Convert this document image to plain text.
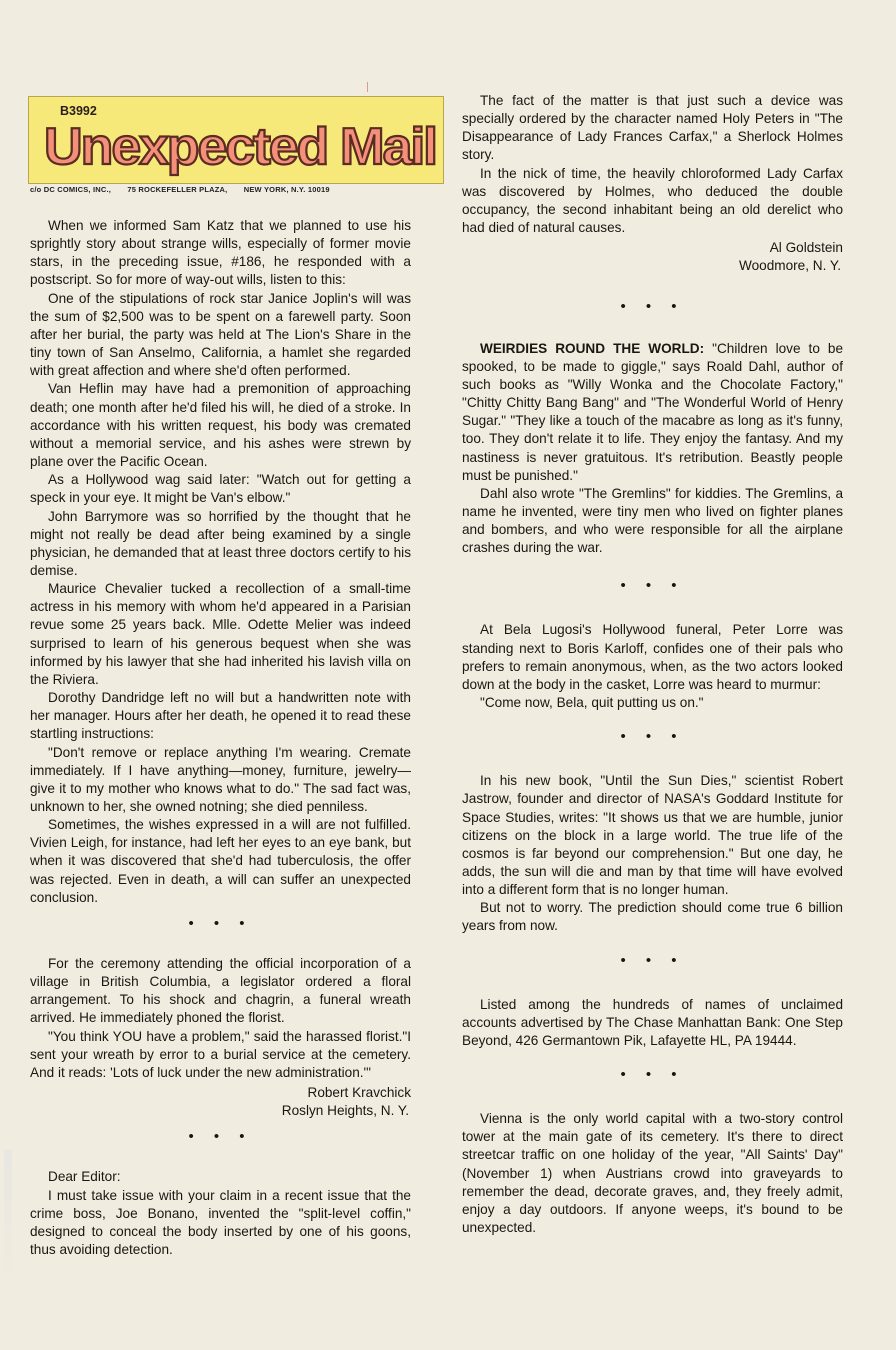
Unexpected Mail
B3992
c/o DC COMICS, INC., 75 ROCKEFELLER PLAZA, NEW YORK, N.Y. 10019

When we informed Sam Katz that we planned to use his sprightly story about strange wills, especially of former movie stars, in the preceding issue, #186, he responded with a postscript. So for more of way-out wills, listen to this:

One of the stipulations of rock star Janice Joplin's will was the sum of $2,500 was to be spent on a farewell party. Soon after her burial, the party was held at The Lion's Share in the tiny town of San Anselmo, California, a hamlet she regarded with great affection and where she'd often performed.

Van Heflin may have had a premonition of approaching death; one month after he'd filed his will, he died of a stroke. In accordance with his written request, his body was cremated without a memorial service, and his ashes were strewn by plane over the Pacific Ocean.

As a Hollywood wag said later: "Watch out for getting a speck in your eye. It might be Van's elbow."

John Barrymore was so horrified by the thought that he might not really be dead after being examined by a single physician, he demanded that at least three doctors certify to his demise.

Maurice Chevalier tucked a recollection of a small-time actress in his memory with whom he'd appeared in a Parisian revue some 25 years back. Mlle. Odette Melier was indeed surprised to learn of his generous bequest when she was informed by his lawyer that she had inherited his lavish villa on the Riviera.

Dorothy Dandridge left no will but a handwritten note with her manager. Hours after her death, he opened it to read these startling instructions:

"Don't remove or replace anything I'm wearing. Cremate immediately. If I have anything—money, furniture, jewelry—give it to my mother who knows what to do." The sad fact was, unknown to her, she owned notning; she died penniless.

Sometimes, the wishes expressed in a will are not fulfilled. Vivien Leigh, for instance, had left her eyes to an eye bank, but when it was discovered that she'd had tuberculosis, the offer was rejected. Even in death, a will can suffer an unexpected conclusion.

• • •

For the ceremony attending the official incorporation of a village in British Columbia, a legislator ordered a floral arrangement. To his shock and chagrin, a funeral wreath arrived. He immediately phoned the florist.

"You think YOU have a problem," said the harassed florist."I sent your wreath by error to a burial service at the cemetery. And it reads: 'Lots of luck under the new administration.'"

Robert Kravchick
Roslyn Heights, N. Y.
• • •

Dear Editor:

I must take issue with your claim in a recent issue that the crime boss, Joe Bonano, invented the "split-level coffin," designed to conceal the body inserted by one of his goons, thus avoiding detection.

The fact of the matter is that just such a device was specially ordered by the character named Holy Peters in "The Disappearance of Lady Frances Carfax," a Sherlock Holmes story.

In the nick of time, the heavily chloroformed Lady Carfax was discovered by Holmes, who deduced the double occupancy, the second inhabitant being an old derelict who had died of natural causes.

Al Goldstein
Woodmore, N. Y.
• • •

WEIRDIES ROUND THE WORLD: "Children love to be spooked, to be made to giggle," says Roald Dahl, author of such books as "Willy Wonka and the Chocolate Factory," "Chitty Chitty Bang Bang" and "The Wonderful World of Henry Sugar." "They like a touch of the macabre as long as it's funny, too. They don't relate it to life. They enjoy the fantasy. And my nastiness is never gratuitous. It's retribution. Beastly people must be punished."

Dahl also wrote "The Gremlins" for kiddies. The Gremlins, a name he invented, were tiny men who lived on fighter planes and bombers, and who were responsible for all the airplane crashes during the war.

• • •

At Bela Lugosi's Hollywood funeral, Peter Lorre was standing next to Boris Karloff, confides one of their pals who prefers to remain anonymous, when, as the two actors looked down at the body in the casket, Lorre was heard to murmur:

"Come now, Bela, quit putting us on."

• • •

In his new book, "Until the Sun Dies," scientist Robert Jastrow, founder and director of NASA's Goddard Institute for Space Studies, writes: "It shows us that we are humble, junior citizens on the block in a large world. The true life of the cosmos is far beyond our comprehension." But one day, he adds, the sun will die and man by that time will have evolved into a different form that is no longer human.

But not to worry. The prediction should come true 6 billion years from now.

• • •

Listed among the hundreds of names of unclaimed accounts advertised by The Chase Manhattan Bank: One Step Beyond, 426 Germantown Pik, Lafayette HL, PA 19444.

• • •

Vienna is the only world capital with a two-story control tower at the main gate of its cemetery. It's there to direct streetcar traffic on one holiday of the year, "All Saints' Day" (November 1) when Austrians crowd into graveyards to remember the dead, decorate graves, and, they freely admit, enjoy a day outdoors. If anyone weeps, it's bound to be unexpected.
